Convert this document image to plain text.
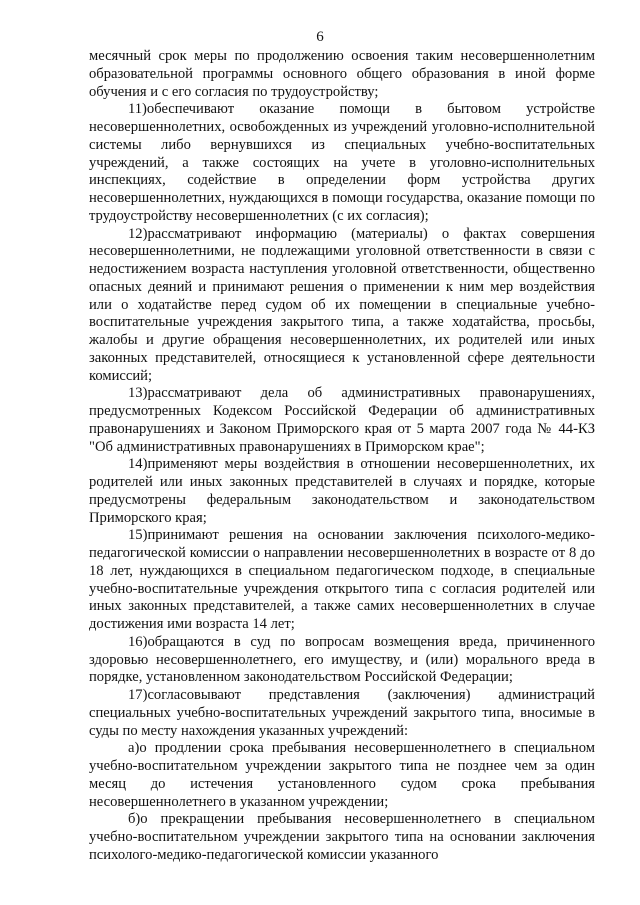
6

месячный срок меры по продолжению освоения таким несовершеннолетним образовательной программы основного общего образования в иной форме обучения и с его согласия по трудоустройству;

11)обеспечивают оказание помощи в бытовом устройстве несовершеннолетних, освобожденных из учреждений уголовно-исполнительной системы либо вернувшихся из специальных учебно-воспитательных учреждений, а также состоящих на учете в уголовно-исполнительных инспекциях, содействие в определении форм устройства других несовершеннолетних, нуждающихся в помощи государства, оказание помощи по трудоустройству несовершеннолетних (с их согласия);

12)рассматривают информацию (материалы) о фактах совершения несовершеннолетними, не подлежащими уголовной ответственности в связи с недостижением возраста наступления уголовной ответственности, общественно опасных деяний и принимают решения о применении к ним мер воздействия или о ходатайстве перед судом об их помещении в специальные учебно-воспитательные учреждения закрытого типа, а также ходатайства, просьбы, жалобы и другие обращения несовершеннолетних, их родителей или иных законных представителей, относящиеся к установленной сфере деятельности комиссий;

13)рассматривают дела об административных правонарушениях, предусмотренных Кодексом Российской Федерации об административных правонарушениях и Законом Приморского края от 5 марта 2007 года № 44-КЗ "Об административных правонарушениях в Приморском крае";

14)применяют меры воздействия в отношении несовершеннолетних, их родителей или иных законных представителей в случаях и порядке, которые предусмотрены федеральным законодательством и законодательством Приморского края;

15)принимают решения на основании заключения психолого-медико-педагогической комиссии о направлении несовершеннолетних в возрасте от 8 до 18 лет, нуждающихся в специальном педагогическом подходе, в специальные учебно-воспитательные учреждения открытого типа с согласия родителей или иных законных представителей, а также самих несовершеннолетних в случае достижения ими возраста 14 лет;

16)обращаются в суд по вопросам возмещения вреда, причиненного здоровью несовершеннолетнего, его имуществу, и (или) морального вреда в порядке, установленном законодательством Российской Федерации;

17)согласовывают представления (заключения) администраций специальных учебно-воспитательных учреждений закрытого типа, вносимые в суды по месту нахождения указанных учреждений:

а)о продлении срока пребывания несовершеннолетнего в специальном учебно-воспитательном учреждении закрытого типа не позднее чем за один месяц до истечения установленного судом срока пребывания несовершеннолетнего в указанном учреждении;

б)о прекращении пребывания несовершеннолетнего в специальном учебно-воспитательном учреждении закрытого типа на основании заключения психолого-медико-педагогической комиссии указанного
